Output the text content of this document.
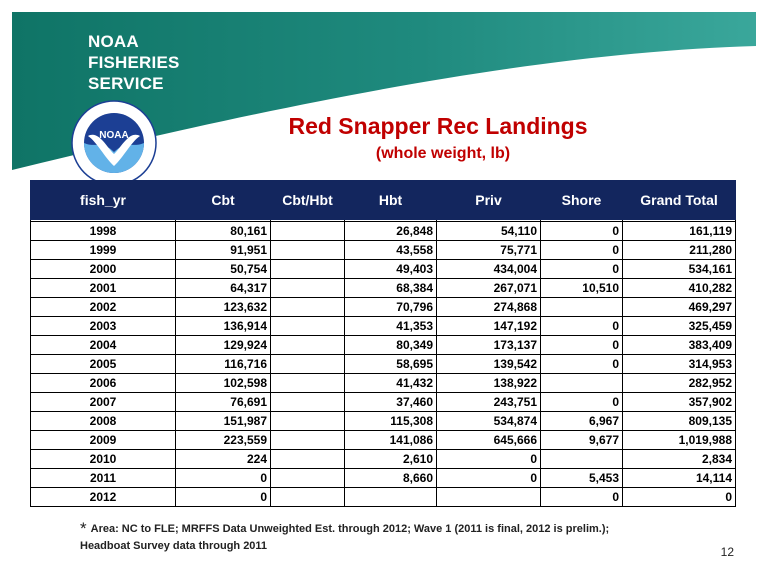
NOAA
FISHERIES
SERVICE
NOAA	Red Snapper Rec Landings
(whole weight, lb)
fish_yr	Cbt	Cbt/Hbt	Hbt	Priv	Shore	Grand Total

1998	80,161		26,848	54,110	0	161,119
1999	91,951		43,558	75,771	0	211,280
2000	50,754		49,403	434,004	0	534,161
2001	64,317		68,384	267,071	10,510	410,282
2002	123,632		70,796	274,868		469,297
2003	136,914		41,353	147,192	0	325,459
2004	129,924		80,349	173,137	0	383,409
2005	116,716		58,695	139,542	0	314,953
2006	102,598		41,432	138,922		282,952
2007	76,691		37,460	243,751	0	357,902
2008	151,987		115,308	534,874	6,967	809,135
2009	223,559		141,086	645,666	9,677	1,019,988
2010	224		2,610	0		2,834
2011	0		8,660	0	5,453	14,114
2012	0				0	0
* Area: NC to FLE; MRFFS Data Unweighted Est. through 2012; Wave 1 (2011 is final, 2012 is prelim.);
Headboat Survey data through 2011	12
